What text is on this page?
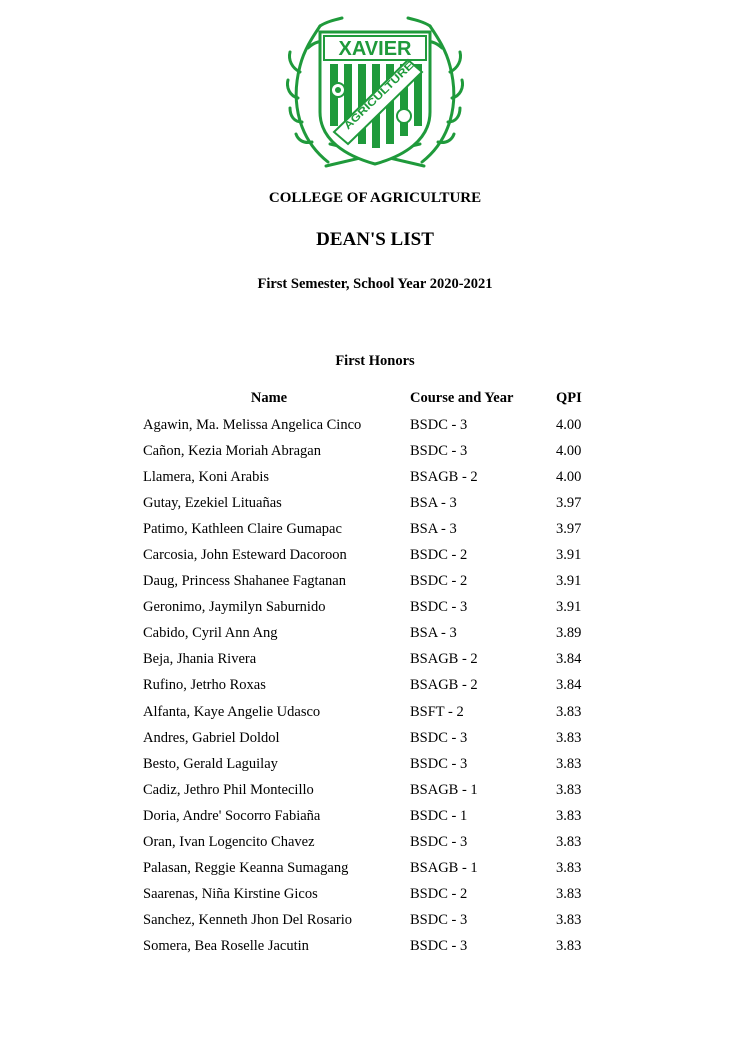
XAVIER
AGRICULTURE
COLLEGE OF AGRICULTURE
DEAN'S LIST
First Semester, School Year 2020-2021
First Honors
Name	Course and Year	QPI
Agawin, Ma. Melissa Angelica Cinco	BSDC - 3	4.00
Cañon, Kezia Moriah Abragan	BSDC - 3	4.00
Llamera, Koni Arabis	BSAGB - 2	4.00
Gutay, Ezekiel Lituañas	BSA - 3	3.97
Patimo, Kathleen Claire Gumapac	BSA - 3	3.97
Carcosia, John Esteward Dacoroon	BSDC - 2	3.91
Daug, Princess Shahanee Fagtanan	BSDC - 2	3.91
Geronimo, Jaymilyn Saburnido	BSDC - 3	3.91
Cabido, Cyril Ann Ang	BSA - 3	3.89
Beja, Jhania Rivera	BSAGB - 2	3.84
Rufino, Jetrho Roxas	BSAGB - 2	3.84
Alfanta, Kaye Angelie Udasco	BSFT - 2	3.83
Andres, Gabriel Doldol	BSDC - 3	3.83
Besto, Gerald Laguilay	BSDC - 3	3.83
Cadiz, Jethro Phil Montecillo	BSAGB - 1	3.83
Doria, Andre' Socorro Fabiaña	BSDC - 1	3.83
Oran, Ivan Logencito Chavez	BSDC - 3	3.83
Palasan, Reggie Keanna Sumagang	BSAGB - 1	3.83
Saarenas, Niña Kirstine Gicos	BSDC - 2	3.83
Sanchez, Kenneth Jhon Del Rosario	BSDC - 3	3.83
Somera, Bea Roselle Jacutin	BSDC - 3	3.83
